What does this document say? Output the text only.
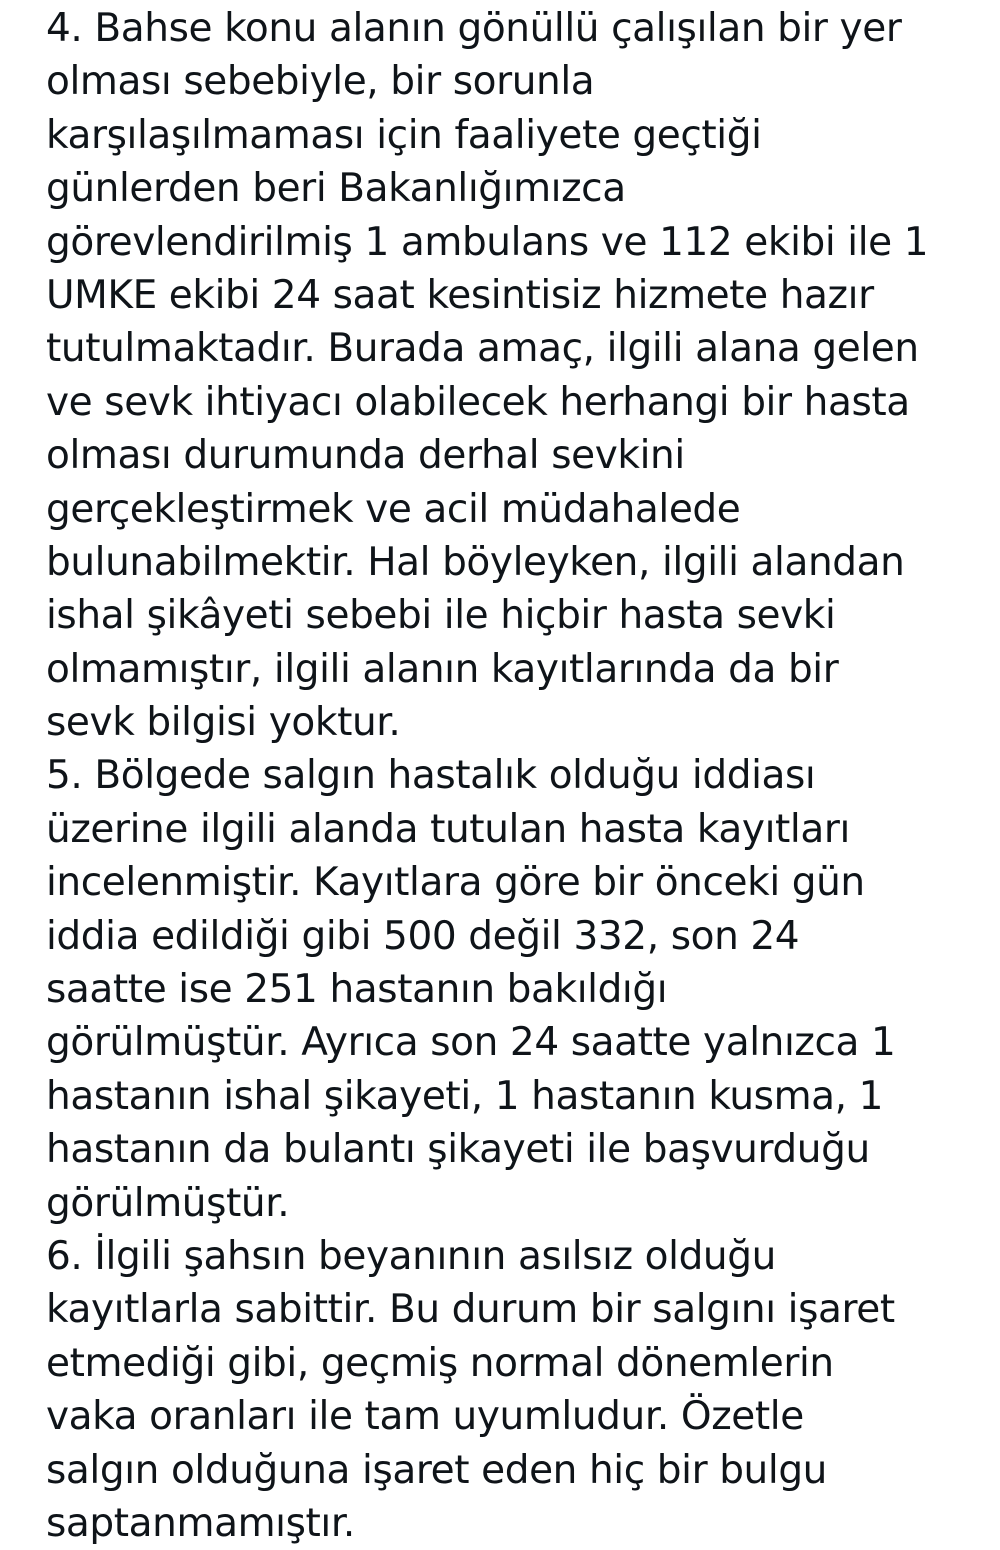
4. Bahse konu alanın gönüllü çalışılan bir yer
olması sebebiyle, bir sorunla
karşılaşılmaması için faaliyete geçtiği
günlerden beri Bakanlığımızca
görevlendirilmiş 1 ambulans ve 112 ekibi ile 1
UMKE ekibi 24 saat kesintisiz hizmete hazır
tutulmaktadır. Burada amaç, ilgili alana gelen
ve sevk ihtiyacı olabilecek herhangi bir hasta
olması durumunda derhal sevkini
gerçekleştirmek ve acil müdahalede
bulunabilmektir. Hal böyleyken, ilgili alandan
ishal şikâyeti sebebi ile hiçbir hasta sevki
olmamıştır, ilgili alanın kayıtlarında da bir
sevk bilgisi yoktur.
5. Bölgede salgın hastalık olduğu iddiası
üzerine ilgili alanda tutulan hasta kayıtları
incelenmiştir. Kayıtlara göre bir önceki gün
iddia edildiği gibi 500 değil 332, son 24
saatte ise 251 hastanın bakıldığı
görülmüştür. Ayrıca son 24 saatte yalnızca 1
hastanın ishal şikayeti, 1 hastanın kusma, 1
hastanın da bulantı şikayeti ile başvurduğu
görülmüştür.
6. İlgili şahsın beyanının asılsız olduğu
kayıtlarla sabittir. Bu durum bir salgını işaret
etmediği gibi, geçmiş normal dönemlerin
vaka oranları ile tam uyumludur. Özetle
salgın olduğuna işaret eden hiç bir bulgu
saptanmamıştır.
